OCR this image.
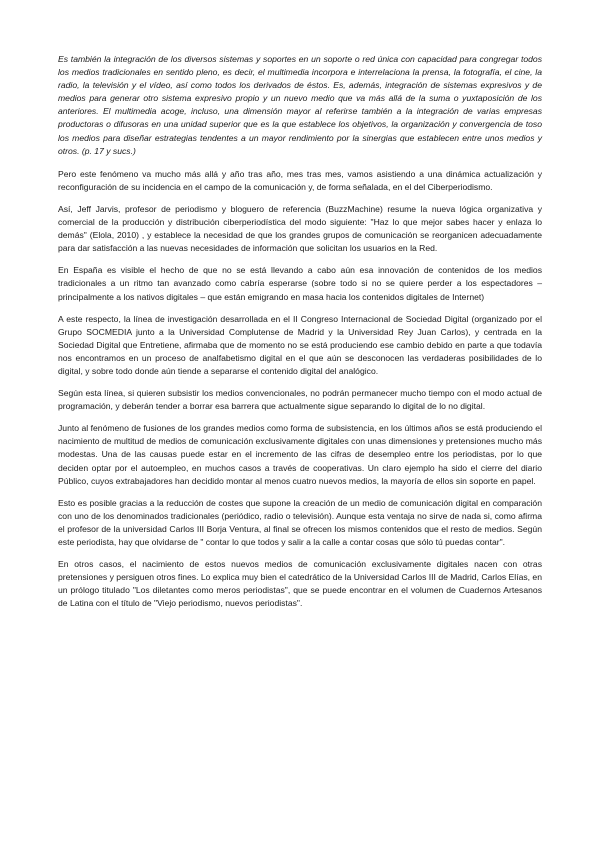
Es también la integración de los diversos sistemas y soportes en un soporte o red única con capacidad para congregar todos los medios tradicionales en sentido pleno, es decir, el multimedia incorpora e interrelaciona la prensa, la fotografía, el cine, la radio, la televisión y el vídeo, así como todos los derivados de éstos. Es, además, integración de sistemas expresivos y de medios para generar otro sistema expresivo propio y un nuevo medio que va más allá de la suma o yuxtaposición de los anteriores. El multimedia acoge, incluso, una dimensión mayor al referirse también a la integración de varias empresas productoras o difusoras en una unidad superior que es la que establece los objetivos, la organización y convergencia de toso los medios para diseñar estrategias tendentes a un mayor rendimiento por la sinergias que establecen entre unos medios y otros. (p. 17 y sucs.)

Pero este fenómeno va mucho más allá y año tras año, mes tras mes, vamos asistiendo a una dinámica actualización y reconfiguración de su incidencia en el campo de la comunicación y, de forma señalada, en el del Ciberperiodismo.

Así, Jeff Jarvis, profesor de periodismo y bloguero de referencia (BuzzMachine) resume la nueva lógica organizativa y comercial de la producción y distribución ciberperiodística del modo siguiente: "Haz lo que mejor sabes hacer y enlaza lo demás" (Elola, 2010) , y establece la necesidad de que los grandes grupos de comunicación se reorganicen adecuadamente para dar satisfacción a las nuevas necesidades de información que solicitan los usuarios en la Red.

En España es visible el hecho de que no se está llevando a cabo aún esa innovación de contenidos de los medios tradicionales a un ritmo tan avanzado como cabría esperarse (sobre todo si no se quiere perder a los espectadores – principalmente a los nativos digitales – que están emigrando en masa hacia los contenidos digitales de Internet)

A este respecto, la línea de investigación desarrollada en el II Congreso Internacional de Sociedad Digital (organizado por el Grupo SOCMEDIA junto a la Universidad Complutense de Madrid y la Universidad Rey Juan Carlos), y centrada en la Sociedad Digital que Entretiene, afirmaba que de momento no se está produciendo ese cambio debido en parte a que todavía nos encontramos en un proceso de analfabetismo digital en el que aún se desconocen las verdaderas posibilidades de lo digital, y sobre todo donde aún tiende a separarse el contenido digital del analógico.

Según esta línea, si quieren subsistir los medios convencionales, no podrán permanecer mucho tiempo con el modo actual de programación, y deberán tender a borrar esa barrera que actualmente sigue separando lo digital de lo no digital.

Junto al fenómeno de fusiones de los grandes medios como forma de subsistencia, en los últimos años se está produciendo el nacimiento de multitud de medios de comunicación exclusivamente digitales con unas dimensiones y pretensiones mucho más modestas. Una de las causas puede estar en el incremento de las cifras de desempleo entre los periodistas, por lo que deciden optar por el autoempleo, en muchos casos a través de cooperativas. Un claro ejemplo ha sido el cierre del diario Público, cuyos extrabajadores han decidido montar al menos cuatro nuevos medios, la mayoría de ellos sin soporte en papel.

Esto es posible gracias a la reducción de costes que supone la creación de un medio de comunicación digital en comparación con uno de los denominados tradicionales (periódico, radio o televisión). Aunque esta ventaja no sirve de nada si, como afirma el profesor de la universidad Carlos III Borja Ventura, al final se ofrecen los mismos contenidos que el resto de medios. Según este periodista, hay que olvidarse de " contar lo que todos y salir a la calle a contar cosas que sólo tú puedas contar".

En otros casos, el nacimiento de estos nuevos medios de comunicación exclusivamente digitales nacen con otras pretensiones y persiguen otros fines. Lo explica muy bien el catedrático de la Universidad Carlos III de Madrid, Carlos Elías, en un prólogo titulado "Los diletantes como meros periodistas", que se puede encontrar en el volumen de Cuadernos Artesanos de Latina con el título de "Viejo periodismo, nuevos periodistas".
